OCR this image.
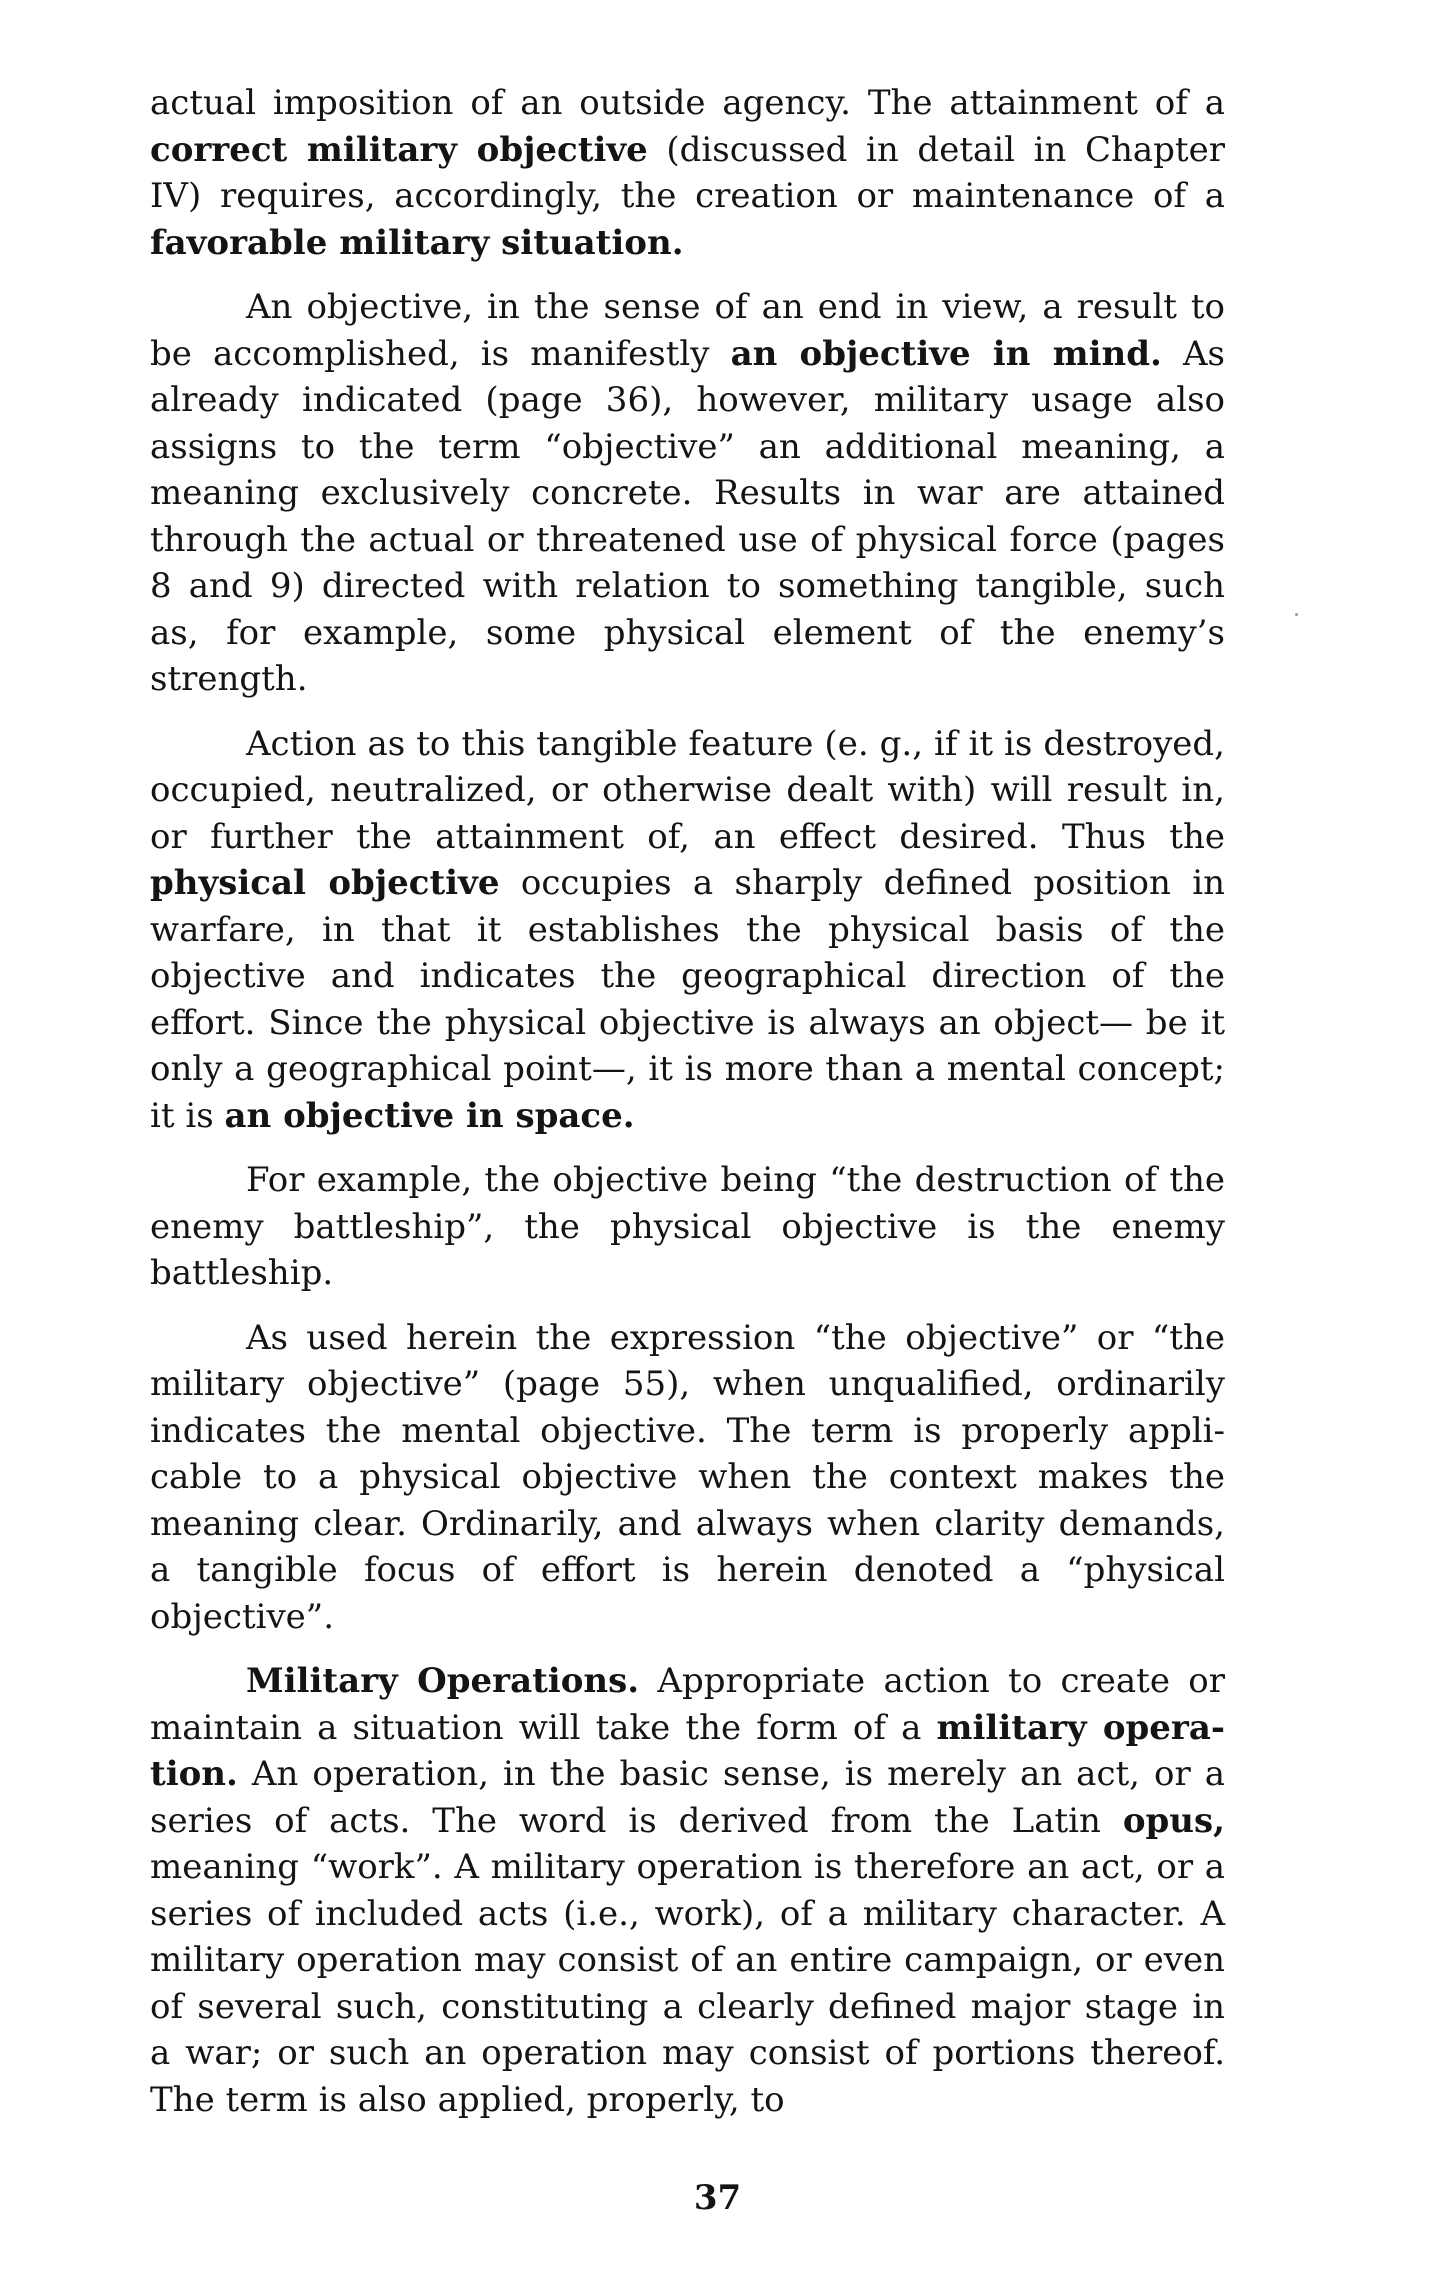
actual imposition of an outside agency. The attainment of a correct military objective (discussed in detail in Chapter IV) requires, accordingly, the creation or maintenance of a favorable military situation.

An objective, in the sense of an end in view, a result to be accomplished, is manifestly an objective in mind. As already indicated (page 36), however, military usage also assigns to the term “objective” an additional meaning, a meaning exclusively concrete. Results in war are attained through the actual or threatened use of physical force (pages 8 and 9) directed with relation to something tangible, such as, for example, some physical element of the enemy’s strength.

Action as to this tangible feature (e. g., if it is destroyed, occupied, neutralized, or otherwise dealt with) will result in, or further the attainment of, an effect desired. Thus the physical objective occupies a sharply defined position in warfare, in that it establishes the physical basis of the objective and indicates the geographical direction of the effort. Since the physical objective is always an object— be it only a geographical point—, it is more than a mental concept; it is an objective in space.

For example, the objective being “the destruction of the enemy battleship”, the physical objective is the enemy battleship.

As used herein the expression “the objective” or “the military objective” (page 55), when unqualified, ordinarily indicates the mental objective. The term is properly applicable to a physical objective when the context makes the meaning clear. Ordinarily, and always when clarity demands, a tangible focus of effort is herein denoted a “physical objective”.

Military Operations. Appropriate action to create or maintain a situation will take the form of a military operation. An operation, in the basic sense, is merely an act, or a series of acts. The word is derived from the Latin opus, meaning “work”. A military operation is therefore an act, or a series of included acts (i.e., work), of a military character. A military operation may consist of an entire campaign, or even of several such, constituting a clearly defined major stage in a war; or such an operation may consist of portions thereof. The term is also applied, properly, to

37
